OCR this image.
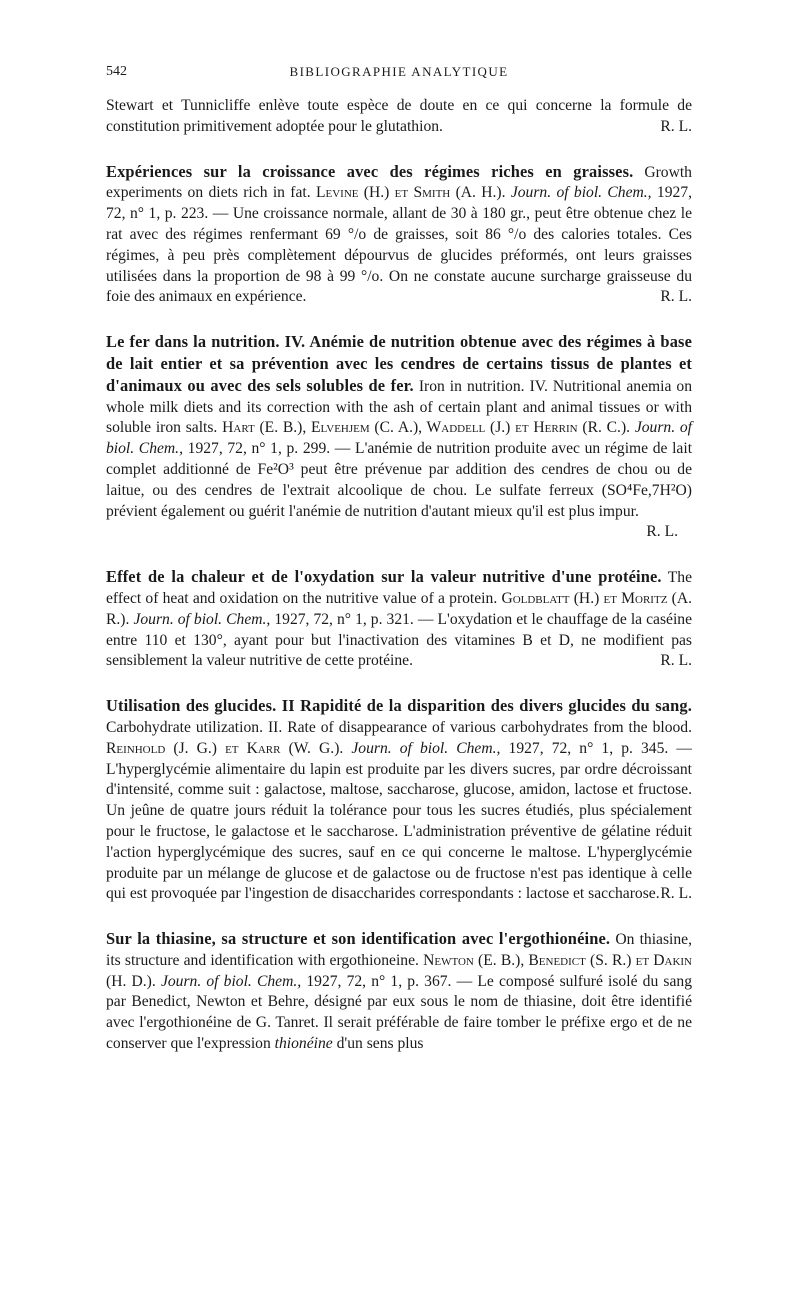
542	BIBLIOGRAPHIE ANALYTIQUE

Stewart et Tunnicliffe enlève toute espèce de doute en ce qui concerne la formule de constitution primitivement adoptée pour le glutathion.	R. L.

Expériences sur la croissance avec des régimes riches en graisses. Growth experiments on diets rich in fat. Levine (H.) et Smith (A. H.). Journ. of biol. Chem., 1927, 72, n° 1, p. 223. — Une croissance normale, allant de 30 à 180 gr., peut être obtenue chez le rat avec des régimes renfermant 69 °/o de graisses, soit 86 °/o des calories totales. Ces régimes, à peu près complètement dépourvus de glucides préformés, ont leurs graisses utilisées dans la proportion de 98 à 99 °/o. On ne constate aucune surcharge graisseuse du foie des animaux en expérience.	R. L.

Le fer dans la nutrition. IV. Anémie de nutrition obtenue avec des régimes à base de lait entier et sa prévention avec les cendres de certains tissus de plantes et d'animaux ou avec des sels solubles de fer. Iron in nutrition. IV. Nutritional anemia on whole milk diets and its correction with the ash of certain plant and animal tissues or with soluble iron salts. Hart (E. B.), Elvehjem (C. A.), Waddell (J.) et Herrin (R. C.). Journ. of biol. Chem., 1927, 72, n° 1, p. 299. — L'anémie de nutrition produite avec un régime de lait complet additionné de Fe²O³ peut être prévenue par addition des cendres de chou ou de laitue, ou des cendres de l'extrait alcoolique de chou. Le sulfate ferreux (SO⁴Fe,7H²O) prévient également ou guérit l'anémie de nutrition d'autant mieux qu'il est plus impur.

R. L.

Effet de la chaleur et de l'oxydation sur la valeur nutritive d'une protéine. The effect of heat and oxidation on the nutritive value of a protein. Goldblatt (H.) et Moritz (A. R.). Journ. of biol. Chem., 1927, 72, n° 1, p. 321. — L'oxydation et le chauffage de la caséine entre 110 et 130°, ayant pour but l'inactivation des vitamines B et D, ne modifient pas sensiblement la valeur nutritive de cette protéine.	R. L.

Utilisation des glucides. II Rapidité de la disparition des divers glucides du sang. Carbohydrate utilization. II. Rate of disappearance of various carbohydrates from the blood. Reinhold (J. G.) et Karr (W. G.). Journ. of biol. Chem., 1927, 72, n° 1, p. 345. — L'hyperglycémie alimentaire du lapin est produite par les divers sucres, par ordre décroissant d'intensité, comme suit : galactose, maltose, saccharose, glucose, amidon, lactose et fructose. Un jeûne de quatre jours réduit la tolérance pour tous les sucres étudiés, plus spécialement pour le fructose, le galactose et le saccharose. L'administration préventive de gélatine réduit l'action hyperglycémique des sucres, sauf en ce qui concerne le maltose. L'hyperglycémie produite par un mélange de glucose et de galactose ou de fructose n'est pas identique à celle qui est provoquée par l'ingestion de disaccharides correspondants : lactose et saccharose. R. L.

Sur la thiasine, sa structure et son identification avec l'ergothionéine. On thiasine, its structure and identification with ergothioneine. Newton (E. B.), Benedict (S. R.) et Dakin (H. D.). Journ. of biol. Chem., 1927, 72, n° 1, p. 367. — Le composé sulfuré isolé du sang par Benedict, Newton et Behre, désigné par eux sous le nom de thiasine, doit être identifié avec l'ergothionéine de G. Tanret. Il serait préférable de faire tomber le préfixe ergo et de ne conserver que l'expression thionéine d'un sens plus
